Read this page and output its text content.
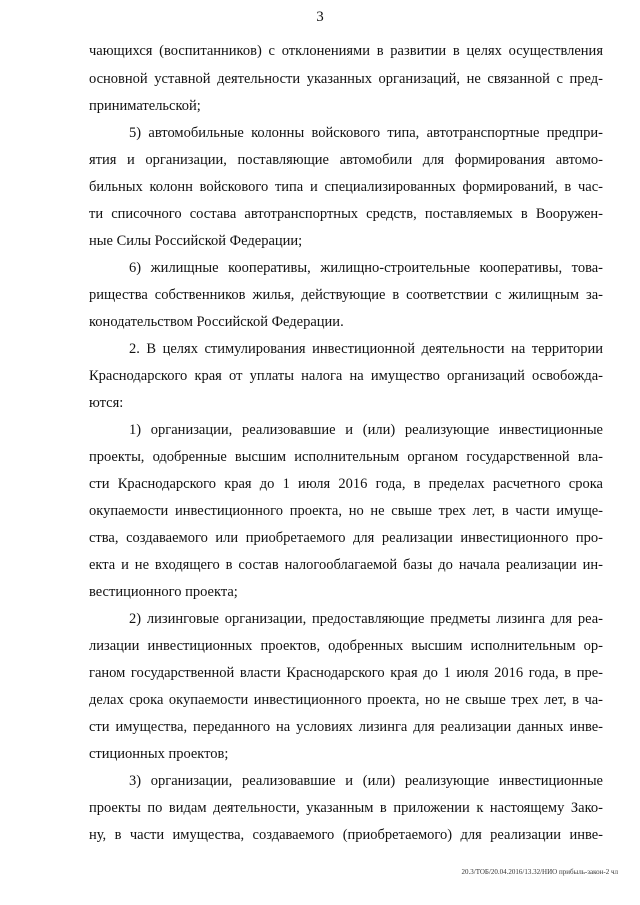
3
чающихся (воспитанников) с отклонениями в развитии в целях осуществления
основной уставной деятельности указанных организаций, не связанной с пред-
принимательской;
5) автомобильные колонны войскового типа, автотранспортные предпри-
ятия и организации, поставляющие автомобили для формирования автомо-
бильных колонн войскового типа и специализированных формирований, в час-
ти списочного состава автотранспортных средств, поставляемых в Вооружен-
ные Силы Российской Федерации;
6) жилищные кооперативы, жилищно-строительные кооперативы, това-
рищества собственников жилья, действующие в соответствии с жилищным за-
конодательством Российской Федерации.
2. В целях стимулирования инвестиционной деятельности на территории
Краснодарского края от уплаты налога на имущество организаций освобожда-
ются:
1) организации, реализовавшие и (или) реализующие инвестиционные
проекты, одобренные высшим исполнительным органом государственной вла-
сти Краснодарского края до 1 июля 2016 года, в пределах расчетного срока
окупаемости инвестиционного проекта, но не свыше трех лет, в части имуще-
ства, создаваемого или приобретаемого для реализации инвестиционного про-
екта и не входящего в состав налогооблагаемой базы до начала реализации ин-
вестиционного проекта;
2) лизинговые организации, предоставляющие предметы лизинга для реа-
лизации инвестиционных проектов, одобренных высшим исполнительным ор-
ганом государственной власти Краснодарского края до 1 июля 2016 года, в пре-
делах срока окупаемости инвестиционного проекта, но не свыше трех лет, в ча-
сти имущества, переданного на условиях лизинга для реализации данных инве-
стиционных проектов;
3) организации, реализовавшие и (или) реализующие инвестиционные
проекты по видам деятельности, указанным в приложении к настоящему Зако-
ну, в части имущества, создаваемого (приобретаемого) для реализации инве-
20.3/ТОБ/20.04.2016/13.32/НИО прибыль-закон-2 чл
